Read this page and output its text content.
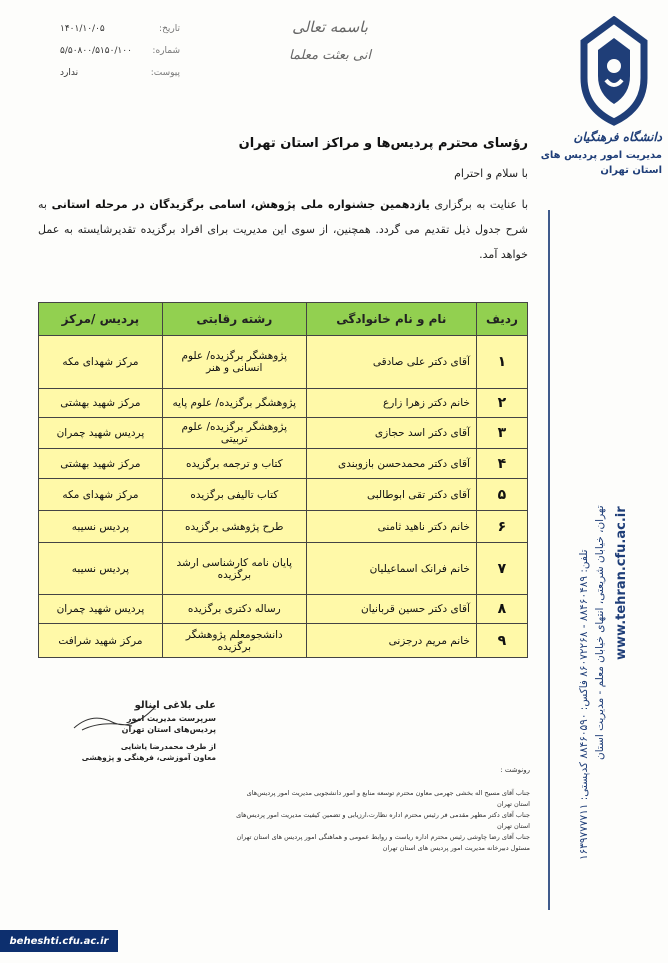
تاریخ:
۱۴۰۱/۱۰/۰۵
شماره:
۵/۵۰۸۰۰/۵۱۵۰/۱۰۰
پیوست:
ندارد
باسمه تعالی
انی بعثت معلما
دانشگاه فرهنگیان
مدیریت امور پردیس های
استان تهران
تهران، خیابان شریعتی، انتهای خیابان معلم - مدیریت استان www.tehran.cfu.ac.ir
تلفن: ۸۸۴۶۰۴۸۹ - ۸۶۰۷۲۲۶۸ فاکس: ۸۸۴۶۰۵۹۰ کدپستی: ۱۶۳۹۷۷۷۷۱۱
رؤسای محترم پردیس‌ها و مراکز استان تهران
با سلام و احترام
با عنایت به برگزاری یازدهمین جشنواره ملی پژوهش، اسامی برگزیدگان در مرحله استانی به شرح جدول ذیل تقدیم می گردد. همچنین، از سوی این مدیریت برای افراد برگزیده تقدیرشایسته به عمل خواهد آمد.
ردیف	نام و نام خانوادگی	رشته رقابتی	پردیس /مرکز
۱	آقای دکتر علی صادقی	پژوهشگر برگزیده/ علوم انسانی و هنر	مرکز شهدای مکه
۲	خانم دکتر زهرا زارع	پژوهشگر برگزیده/ علوم پایه	مرکز شهید بهشتی
۳	آقای دکتر اسد حجازی	پژوهشگر برگزیده/ علوم تربیتی	پردیس شهید چمران
۴	آقای دکتر محمدحسن بازوبندی	کتاب و ترجمه برگزیده	مرکز شهید بهشتی
۵	آقای دکتر تقی ابوطالبی	کتاب تالیفی برگزیده	مرکز شهدای مکه
۶	خانم دکتر ناهید ثامنی	طرح پژوهشی برگزیده	پردیس نسیبه
۷	خانم فرانک اسماعیلیان	پایان نامه کارشناسی ارشد برگزیده	پردیس نسیبه
۸	آقای دکتر حسین قربانیان	رساله دکتری برگزیده	پردیس شهید چمران
۹	خانم مریم درجزنی	دانشجومعلم پژوهشگر برگزیده	مرکز شهید شرافت
علی بلاغی اینالو
سرپرست مدیریت امور
پردیس‌های استان تهران
از طرف محمدرضا یاشایی
معاون آموزشی، فرهنگی و پژوهشی
رونوشت :
جناب آقای مسیح اله بخشی جهرمی معاون محترم توسعه منابع و امور دانشجویی مدیریت امور پردیس‌های استان تهران
جناب آقای دکتر مظهر مقدمی فر رئیس محترم اداره نظارت،ارزیابی و تضمین کیفیت مدیریت امور پردیس‌های استان تهران
جناب آقای رضا چاوشی رئیس محترم اداره ریاست و روابط عمومی و هماهنگی امور پردیس های استان تهران
مسئول دبیرخانه مدیریت امور پردیس های استان تهران
beheshti.cfu.ac.ir
